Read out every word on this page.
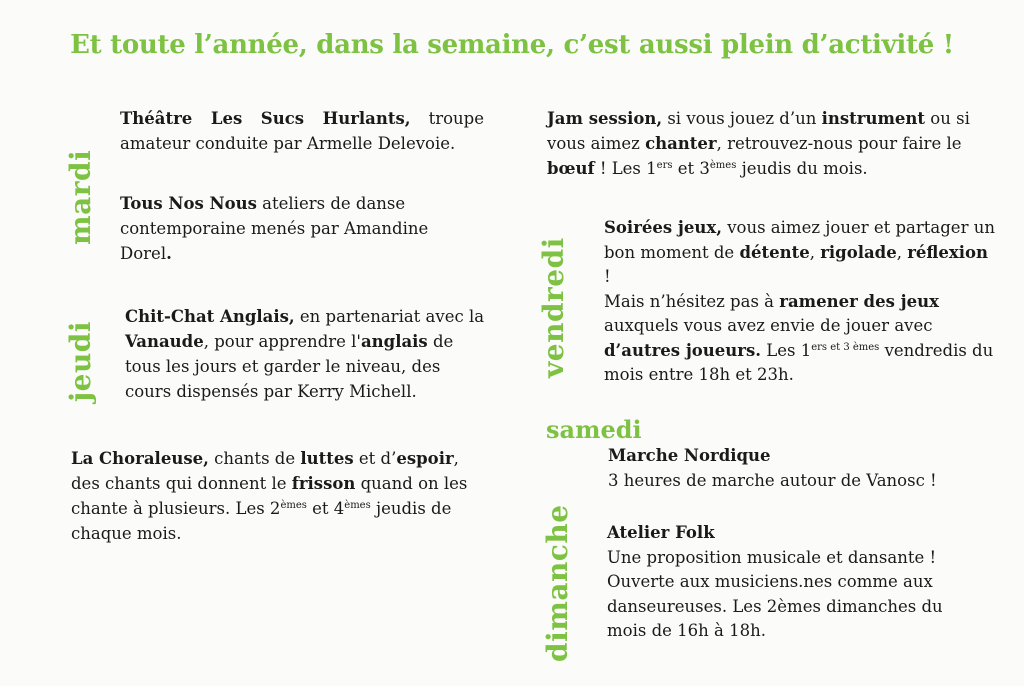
Et toute l’année, dans la semaine, c’est aussi plein d’activité !
mardi
jeudi	vendredi
dimanche
samedi
Théâtre Les Sucs Hurlants, troupe amateur conduite par Armelle Delevoie.
Tous Nos Nous ateliers de danse contemporaine menés par Amandine Dorel.
Chit-Chat Anglais, en partenariat avec la Vanaude, pour apprendre l'anglais de tous les jours et garder le niveau, des cours dispensés par Kerry Michell.
La Choraleuse, chants de luttes et d’espoir, des chants qui donnent le frisson quand on les chante à plusieurs. Les 2èmes et 4èmes jeudis de chaque mois.
Jam session, si vous jouez d’un instrument ou si vous aimez chanter, retrouvez-nous pour faire le bœuf ! Les 1ers et 3èmes jeudis du mois.
Soirées jeux, vous aimez jouer et partager un bon moment de détente, rigolade, réflexion !
Mais n’hésitez pas à ramener des jeux auxquels vous avez envie de jouer avec d’autres joueurs. Les $1^{ers et 3 èmes}$ vendredis du mois entre 18h et 23h.
Marche Nordique
3 heures de marche autour de Vanosc !
Atelier Folk
Une proposition musicale et dansante ! Ouverte aux musiciens.nes comme aux danseureuses. Les 2èmes dimanches du mois de 16h à 18h.
